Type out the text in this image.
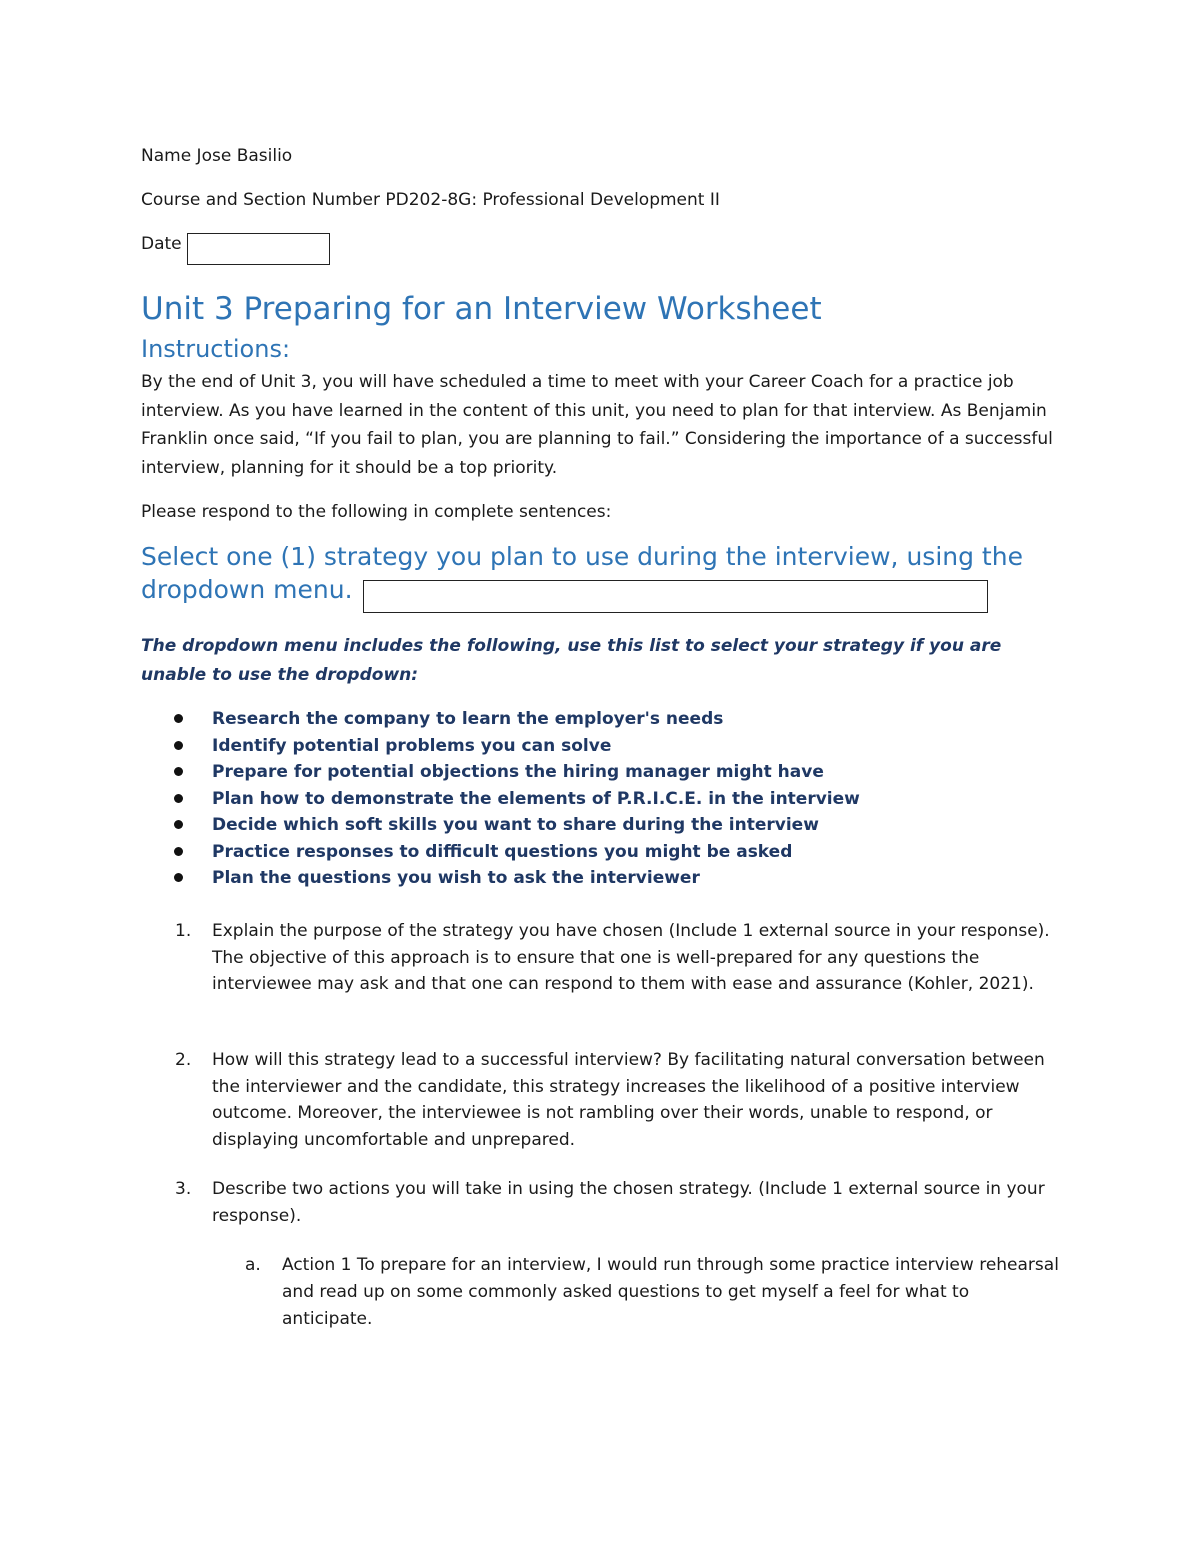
Name Jose Basilio
Course and Section Number PD202-8G: Professional Development II
Date
Unit 3 Preparing for an Interview Worksheet
Instructions:
By the end of Unit 3, you will have scheduled a time to meet with your Career Coach for a practice job interview. As you have learned in the content of this unit, you need to plan for that interview. As Benjamin Franklin once said, “If you fail to plan, you are planning to fail.” Considering the importance of a successful interview, planning for it should be a top priority.
Please respond to the following in complete sentences:
Select one (1) strategy you plan to use during the interview, using the
dropdown menu.
The dropdown menu includes the following, use this list to select your strategy if you are unable to use the dropdown:
Research the company to learn the employer's needs
Identify potential problems you can solve
Prepare for potential objections the hiring manager might have
Plan how to demonstrate the elements of P.R.I.C.E. in the interview
Decide which soft skills you want to share during the interview
Practice responses to difficult questions you might be asked
Plan the questions you wish to ask the interviewer
1. Explain the purpose of the strategy you have chosen (Include 1 external source in your response). The objective of this approach is to ensure that one is well-prepared for any questions the interviewee may ask and that one can respond to them with ease and assurance (Kohler, 2021).
2. How will this strategy lead to a successful interview? By facilitating natural conversation between the interviewer and the candidate, this strategy increases the likelihood of a positive interview outcome. Moreover, the interviewee is not rambling over their words, unable to respond, or displaying uncomfortable and unprepared.
3. Describe two actions you will take in using the chosen strategy. (Include 1 external source in your response).
a. Action 1 To prepare for an interview, I would run through some practice interview rehearsal and read up on some commonly asked questions to get myself a feel for what to anticipate.
